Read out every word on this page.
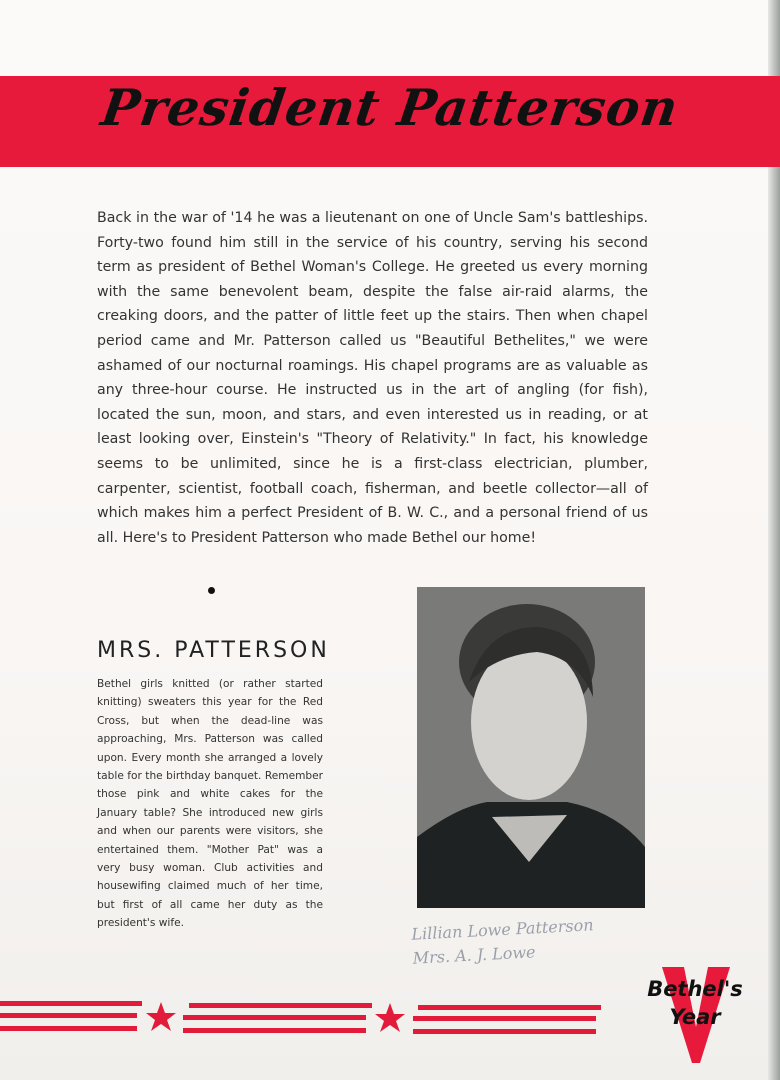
President Patterson
Back in the war of '14 he was a lieutenant on one of Uncle Sam's battleships. Forty-two found him still in the service of his country, serving his second term as president of Bethel Woman's College. He greeted us every morning with the same benevolent beam, despite the false air-raid alarms, the creaking doors, and the patter of little feet up the stairs. Then when chapel period came and Mr. Patterson called us "Beautiful Bethelites," we were ashamed of our nocturnal roamings. His chapel programs are as valuable as any three-hour course. He instructed us in the art of angling (for fish), located the sun, moon, and stars, and even interested us in reading, or at least looking over, Einstein's "Theory of Relativity." In fact, his knowledge seems to be unlimited, since he is a first-class electrician, plumber, carpenter, scientist, football coach, fisherman, and beetle collector—all of which makes him a perfect President of B. W. C., and a personal friend of us all. Here's to President Patterson who made Bethel our home!
MRS. PATTERSON
Bethel girls knitted (or rather started knitting) sweaters this year for the Red Cross, but when the dead-line was approaching, Mrs. Patterson was called upon. Every month she arranged a lovely table for the birthday banquet. Remember those pink and white cakes for the January table? She introduced new girls and when our parents were visitors, she entertained them. "Mother Pat" was a very busy woman. Club activities and housewifing claimed much of her time, but first of all came her duty as the president's wife.	Lillian Lowe Patterson
Mrs. A. J. Lowe
Bethel's
Year
